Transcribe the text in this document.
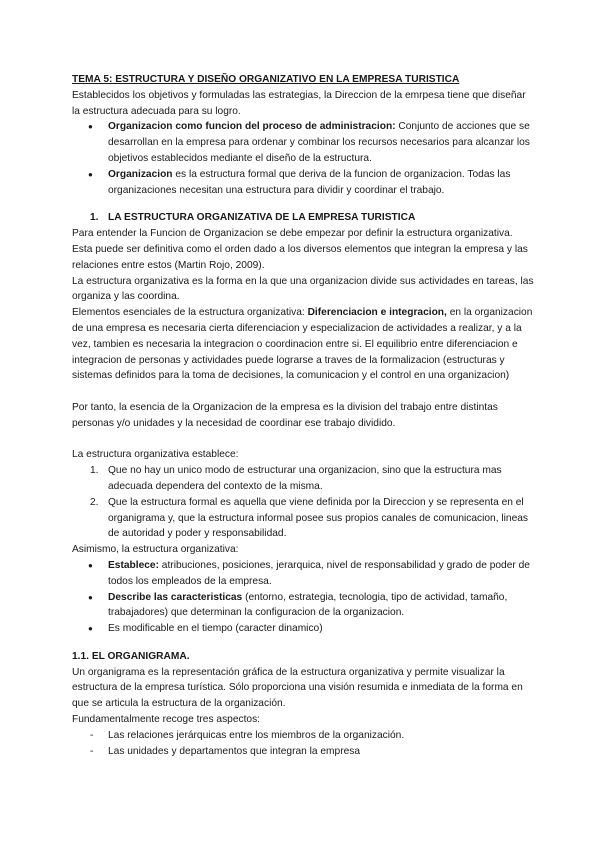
TEMA 5: ESTRUCTURA Y DISEÑO ORGANIZATIVO EN LA EMPRESA TURISTICA

Establecidos los objetivos y formuladas las estrategias, la Direccion de la emrpesa tiene que diseñar la estructura adecuada para su logro.

● Organizacion como funcion del proceso de administracion: Conjunto de acciones que se desarrollan en la empresa para ordenar y combinar los recursos necesarios para alcanzar los objetivos establecidos mediante el diseño de la estructura.
● Organizacion es la estructura formal que deriva de la funcion de organizacion. Todas las organizaciones necesitan una estructura para dividir y coordinar el trabajo.

1. LA ESTRUCTURA ORGANIZATIVA DE LA EMPRESA TURISTICA

Para entender la Funcion de Organizacion se debe empezar por definir la estructura organizativa. Esta puede ser definitiva como el orden dado a los diversos elementos que integran la empresa y las relaciones entre estos (Martin Rojo, 2009).

La estructura organizativa es la forma en la que una organizacion divide sus actividades en tareas, las organiza y las coordina.

Elementos esenciales de la estructura organizativa: Diferenciacion e integracion, en la organizacion de una empresa es necesaria cierta diferenciacion y especializacion de actividades a realizar, y a la vez, tambien es necesaria la integracion o coordinacion entre si. El equilibrio entre diferenciacion e integracion de personas y actividades puede lograrse a traves de la formalizacion (estructuras y sistemas definidos para la toma de decisiones, la comunicacion y el control en una organizacion)

Por tanto, la esencia de la Organizacion de la empresa es la division del trabajo entre distintas personas y/o unidades y la necesidad de coordinar ese trabajo dividido.

La estructura organizativa establece:

1. Que no hay un unico modo de estructurar una organizacion, sino que la estructura mas adecuada dependera del contexto de la misma.
2. Que la estructura formal es aquella que viene definida por la Direccion y se representa en el organigrama y, que la estructura informal posee sus propios canales de comunicacion, lineas de autoridad y poder y responsabilidad.

Asimismo, la estructura organizativa:

● Establece: atribuciones, posiciones, jerarquica, nivel de responsabilidad y grado de poder de todos los empleados de la empresa.
● Describe las caracteristicas (entorno, estrategia, tecnologia, tipo de actividad, tamaño, trabajadores) que determinan la configuracion de la organizacion.
● Es modificable en el tiempo (caracter dinamico)

1.1. EL ORGANIGRAMA.

Un organigrama es la representación gráfica de la estructura organizativa y permite visualizar la estructura de la empresa turística. Sólo proporciona una visión resumida e inmediata de la forma en que se articula la estructura de la organización.

Fundamentalmente recoge tres aspectos:

- Las relaciones jerárquicas entre los miembros de la organización.
- Las unidades y departamentos que integran la empresa
